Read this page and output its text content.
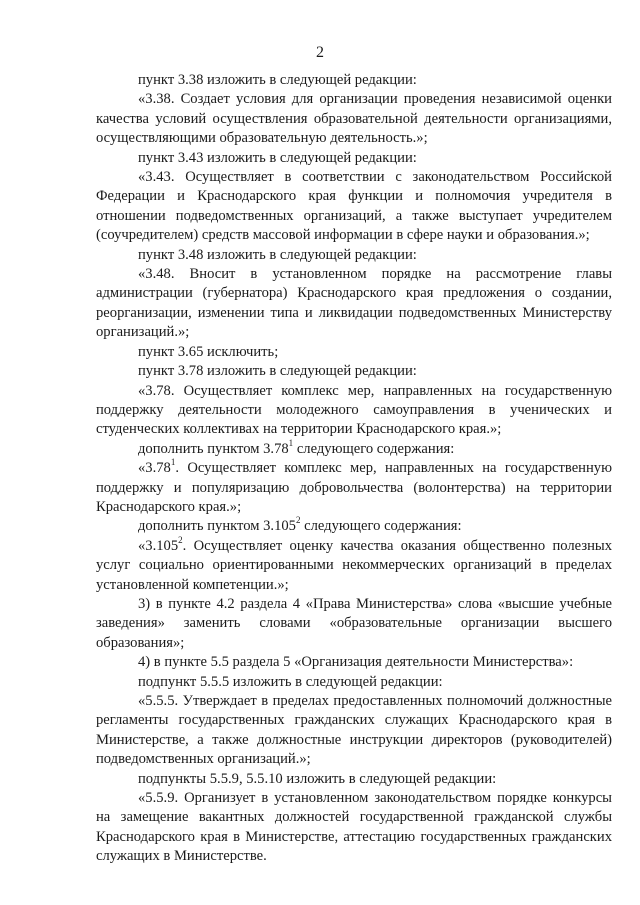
2

пункт 3.38 изложить в следующей редакции:

«3.38. Создает условия для организации проведения независимой оценки качества условий осуществления образовательной деятельности организациями, осуществляющими образовательную деятельность.»;

пункт 3.43 изложить в следующей редакции:

«3.43. Осуществляет в соответствии с законодательством Российской Федерации и Краснодарского края функции и полномочия учредителя в отношении подведомственных организаций, а также выступает учредителем (соучредителем) средств массовой информации в сфере науки и образования.»;

пункт 3.48 изложить в следующей редакции:

«3.48. Вносит в установленном порядке на рассмотрение главы администрации (губернатора) Краснодарского края предложения о создании, реорганизации, изменении типа и ликвидации подведомственных Министерству организаций.»;

пункт 3.65 исключить;

пункт 3.78 изложить в следующей редакции:

«3.78. Осуществляет комплекс мер, направленных на государственную поддержку деятельности молодежного самоуправления в ученических и студенческих коллективах на территории Краснодарского края.»;

дополнить пунктом 3.78$^1$ следующего содержания:

«3.78$^1$. Осуществляет комплекс мер, направленных на государственную поддержку и популяризацию добровольчества (волонтерства) на территории Краснодарского края.»;

дополнить пунктом 3.105$^2$ следующего содержания:

«3.105$^2$. Осуществляет оценку качества оказания общественно полезных услуг социально ориентированными некоммерческих организаций в пределах установленной компетенции.»;

3) в пункте 4.2 раздела 4 «Права Министерства» слова «высшие учебные заведения» заменить словами «образовательные организации высшего образования»;

4) в пункте 5.5 раздела 5 «Организация деятельности Министерства»:

подпункт 5.5.5 изложить в следующей редакции:

«5.5.5. Утверждает в пределах предоставленных полномочий должностные регламенты государственных гражданских служащих Краснодарского края в Министерстве, а также должностные инструкции директоров (руководителей) подведомственных организаций.»;

подпункты 5.5.9, 5.5.10 изложить в следующей редакции:

«5.5.9. Организует в установленном законодательством порядке конкурсы на замещение вакантных должностей государственной гражданской службы Краснодарского края в Министерстве, аттестацию государственных гражданских служащих в Министерстве.
